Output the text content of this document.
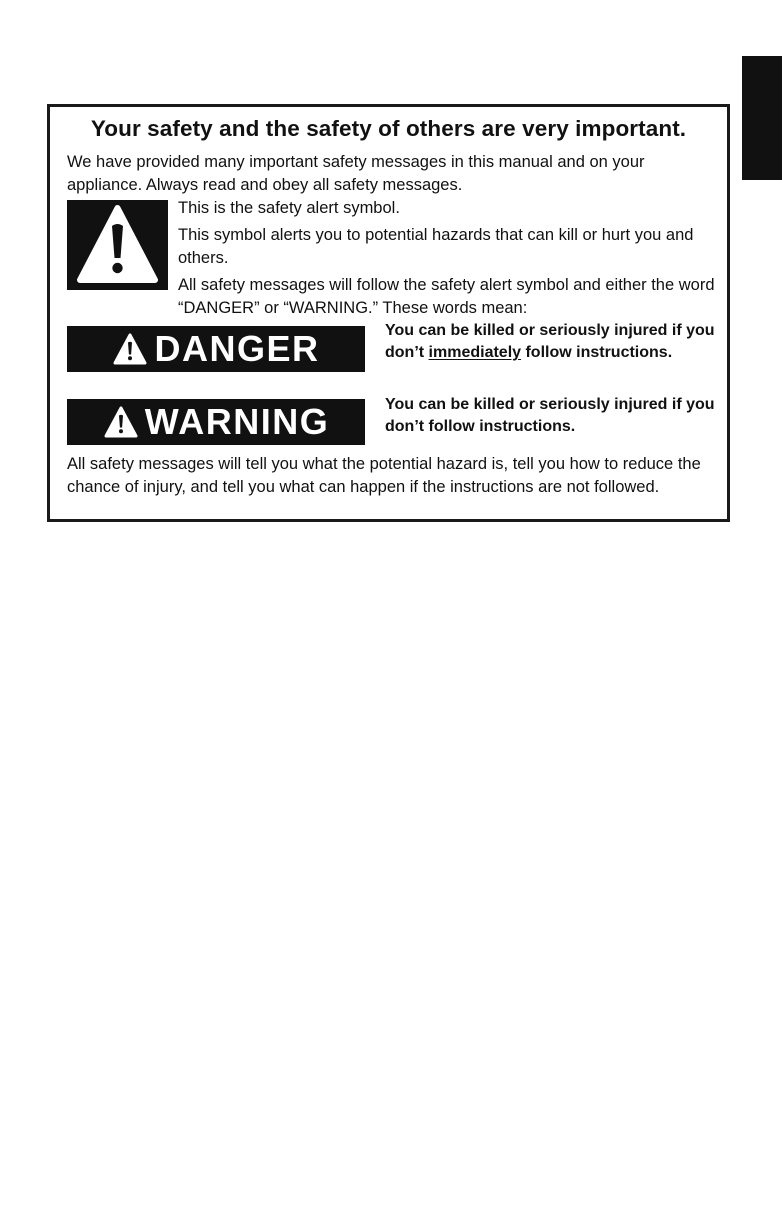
Your safety and the safety of others are very important.

We have provided many important safety messages in this manual and on your appliance. Always read and obey all safety messages.

This is the safety alert symbol.

This symbol alerts you to potential hazards that can kill or hurt you and others.

All safety messages will follow the safety alert symbol and either the word “DANGER” or “WARNING.” These words mean:

DANGER	You can be killed or seriously injured if you don’t immediately follow instructions.
WARNING	You can be killed or seriously injured if you don’t follow instructions.

All safety messages will tell you what the potential hazard is, tell you how to reduce the chance of injury, and tell you what can happen if the instructions are not followed.
